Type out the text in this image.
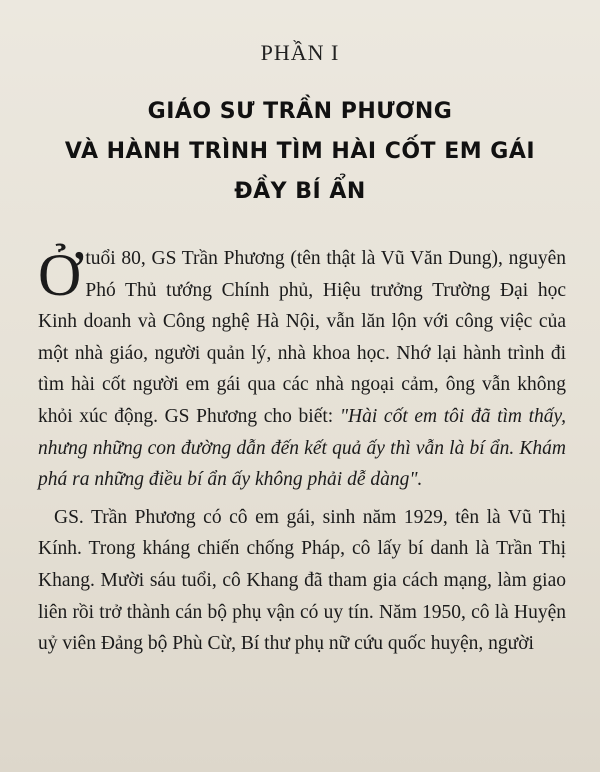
PHẦN I
GIÁO SƯ TRẦN PHƯƠNG
VÀ HÀNH TRÌNH TÌM HÀI CỐT EM GÁI
ĐẦY BÍ ẨN

Ở tuổi 80, GS Trần Phương (tên thật là Vũ Văn Dung), nguyên Phó Thủ tướng Chính phủ, Hiệu trưởng Trường Đại học Kinh doanh và Công nghệ Hà Nội, vẫn lăn lộn với công việc của một nhà giáo, người quản lý, nhà khoa học. Nhớ lại hành trình đi tìm hài cốt người em gái qua các nhà ngoại cảm, ông vẫn không khỏi xúc động. GS Phương cho biết: "Hài cốt em tôi đã tìm thấy, nhưng những con đường dẫn đến kết quả ấy thì vẫn là bí ẩn. Khám phá ra những điều bí ẩn ấy không phải dễ dàng".

GS. Trần Phương có cô em gái, sinh năm 1929, tên là Vũ Thị Kính. Trong kháng chiến chống Pháp, cô lấy bí danh là Trần Thị Khang. Mười sáu tuổi, cô Khang đã tham gia cách mạng, làm giao liên rồi trở thành cán bộ phụ vận có uy tín. Năm 1950, cô là Huyện uỷ viên Đảng bộ Phù Cừ, Bí thư phụ nữ cứu quốc huyện, người
